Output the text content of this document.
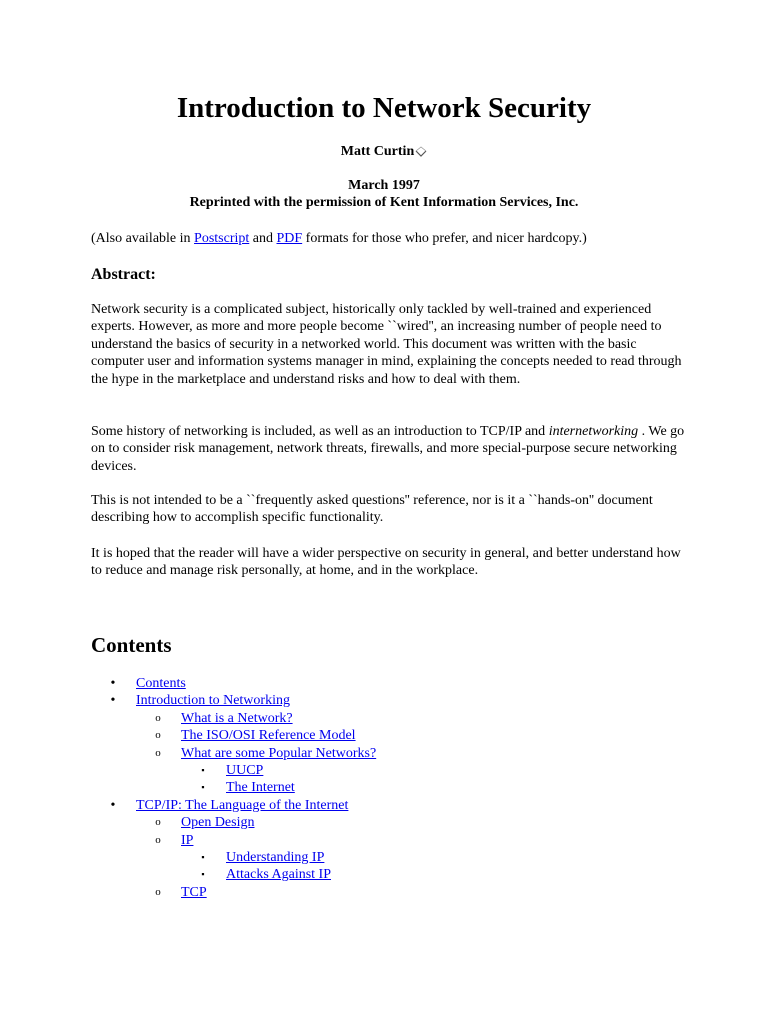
Introduction to Network Security
Matt Curtin
March 1997
Reprinted with the permission of Kent Information Services, Inc.
(Also available in Postscript and PDF formats for those who prefer, and nicer hardcopy.)
Abstract:

Network security is a complicated subject, historically only tackled by well-trained and experienced experts. However, as more and more people become ``wired'', an increasing number of people need to understand the basics of security in a networked world. This document was written with the basic computer user and information systems manager in mind, explaining the concepts needed to read through the hype in the marketplace and understand risks and how to deal with them.

Some history of networking is included, as well as an introduction to TCP/IP and internetworking . We go on to consider risk management, network threats, firewalls, and more special-purpose secure networking devices.

This is not intended to be a ``frequently asked questions'' reference, nor is it a ``hands-on'' document describing how to accomplish specific functionality.

It is hoped that the reader will have a wider perspective on security in general, and better understand how to reduce and manage risk personally, at home, and in the workplace.

Contents
•	Contents
•	Introduction to Networking
o	What is a Network?
o	The ISO/OSI Reference Model
o	What are some Popular Networks?
▪	UUCP
▪	The Internet
•	TCP/IP: The Language of the Internet
o	Open Design
o	IP
▪	Understanding IP
▪	Attacks Against IP
o	TCP
